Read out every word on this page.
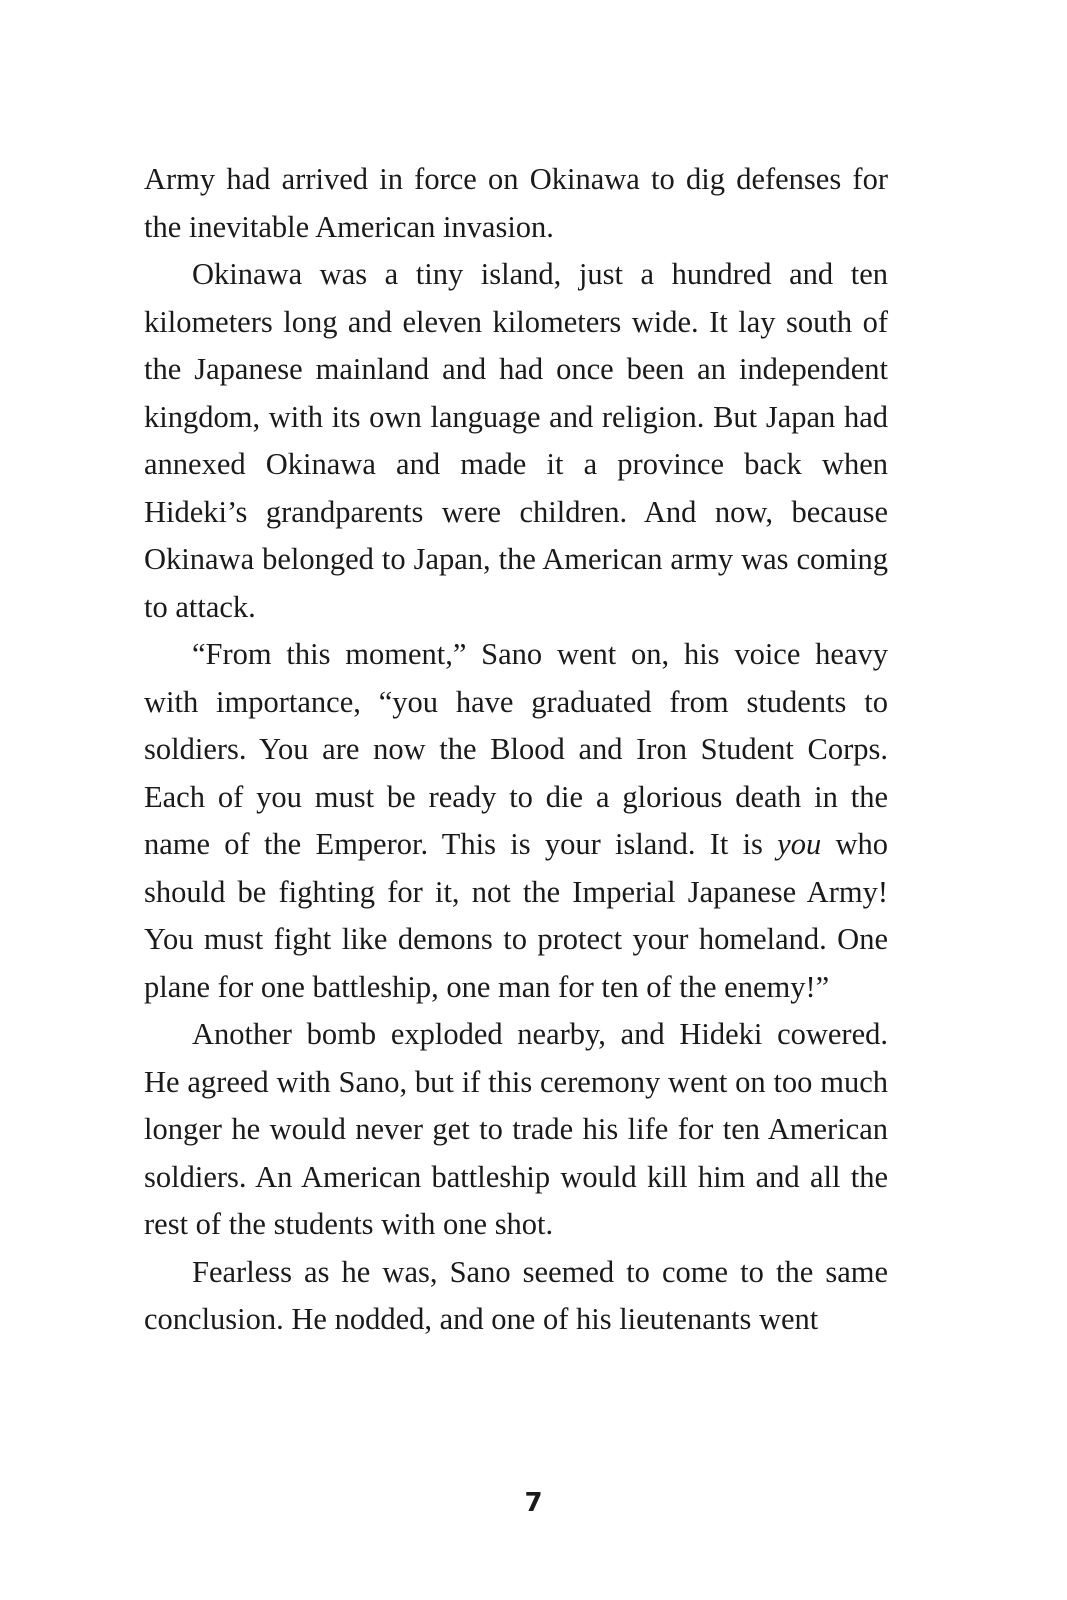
Army had arrived in force on Okinawa to dig defenses for the inevitable American invasion.

Okinawa was a tiny island, just a hundred and ten kilometers long and eleven kilometers wide. It lay south of the Japanese mainland and had once been an independent kingdom, with its own language and religion. But Japan had annexed Okinawa and made it a province back when Hideki’s grandparents were children. And now, because Okinawa belonged to Japan, the American army was coming to attack.

“From this moment,” Sano went on, his voice heavy with importance, “you have graduated from students to soldiers. You are now the Blood and Iron Student Corps. Each of you must be ready to die a glorious death in the name of the Emperor. This is your island. It is you who should be fighting for it, not the Imperial Japanese Army! You must fight like demons to protect your homeland. One plane for one battleship, one man for ten of the enemy!”

Another bomb exploded nearby, and Hideki cowered. He agreed with Sano, but if this ceremony went on too much longer he would never get to trade his life for ten American soldiers. An American battleship would kill him and all the rest of the students with one shot.

Fearless as he was, Sano seemed to come to the same conclusion. He nodded, and one of his lieutenants went

7
